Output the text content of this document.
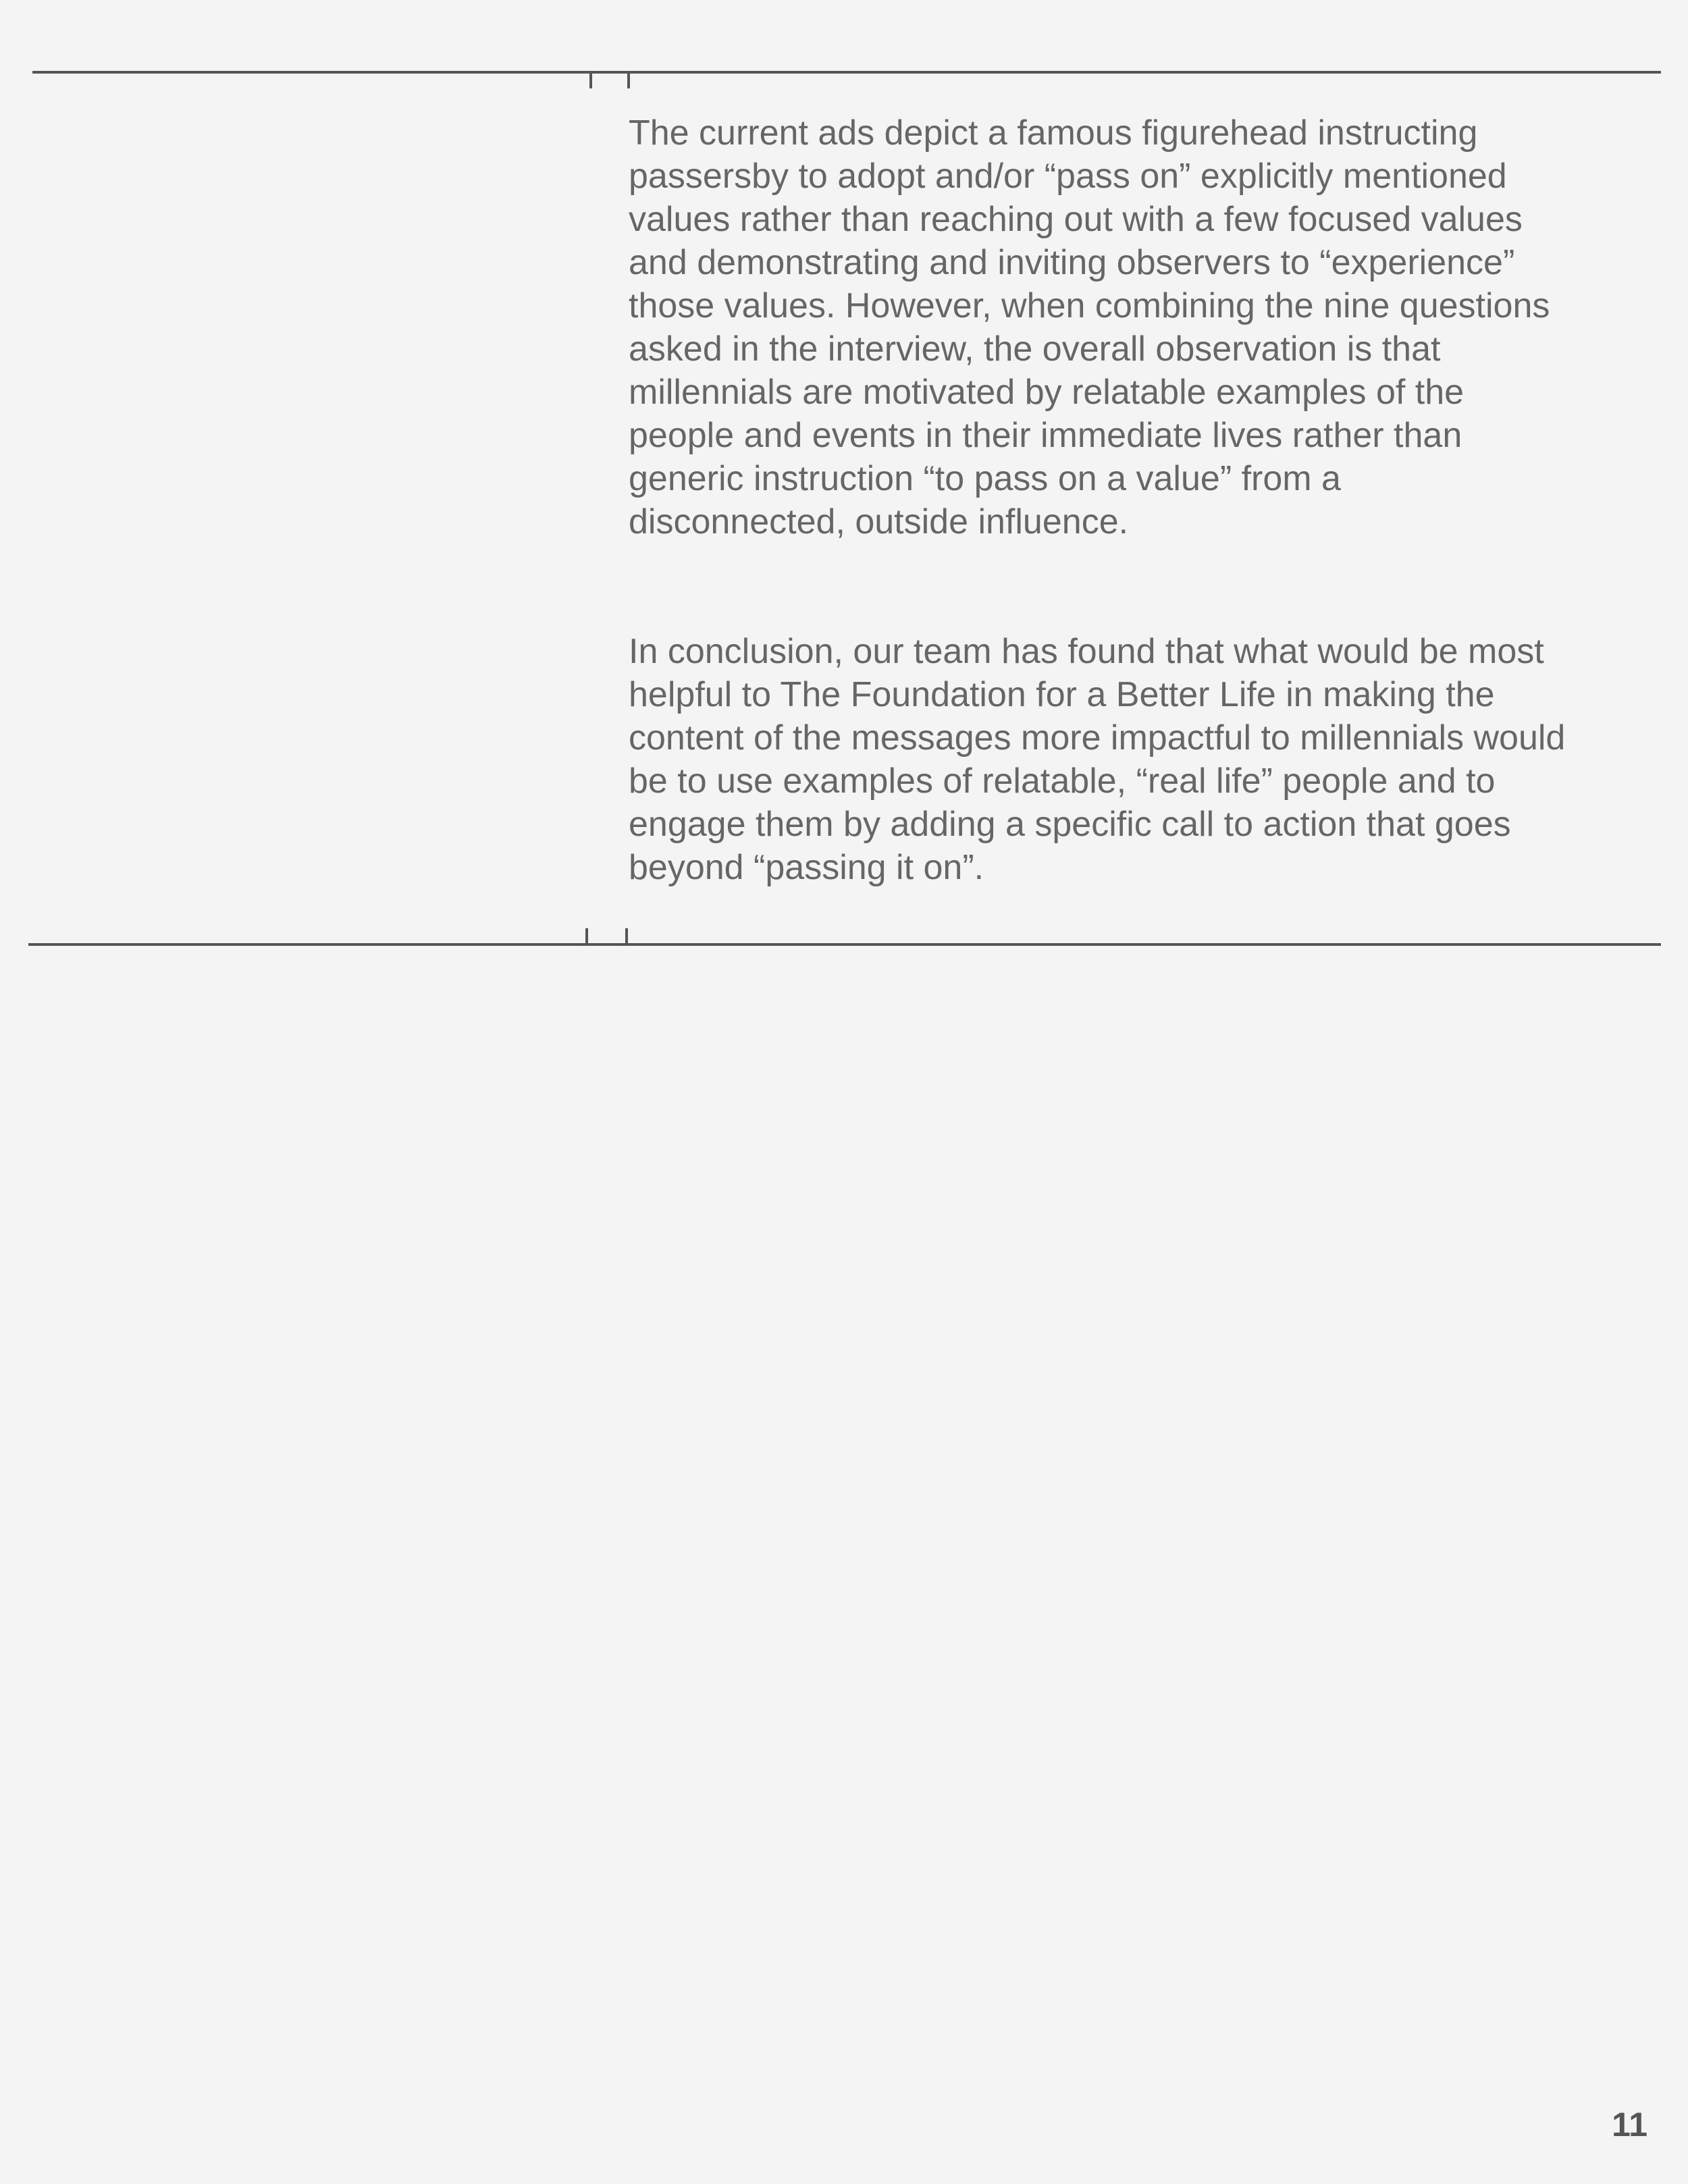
The current ads depict a famous figurehead instructing
passersby to adopt and/or “pass on” explicitly mentioned
values rather than reaching out with a few focused values
and demonstrating and inviting observers to “experience”
those values. However, when combining the nine questions
asked in the interview, the overall observation is that
millennials are motivated by relatable examples of the
people and events in their immediate lives rather than
generic instruction “to pass on a value” from a
disconnected, outside influence.

In conclusion, our team has found that what would be most
helpful to The Foundation for a Better Life in making the
content of the messages more impactful to millennials would
be to use examples of relatable, “real life” people and to
engage them by adding a specific call to action that goes
beyond “passing it on”.

11
